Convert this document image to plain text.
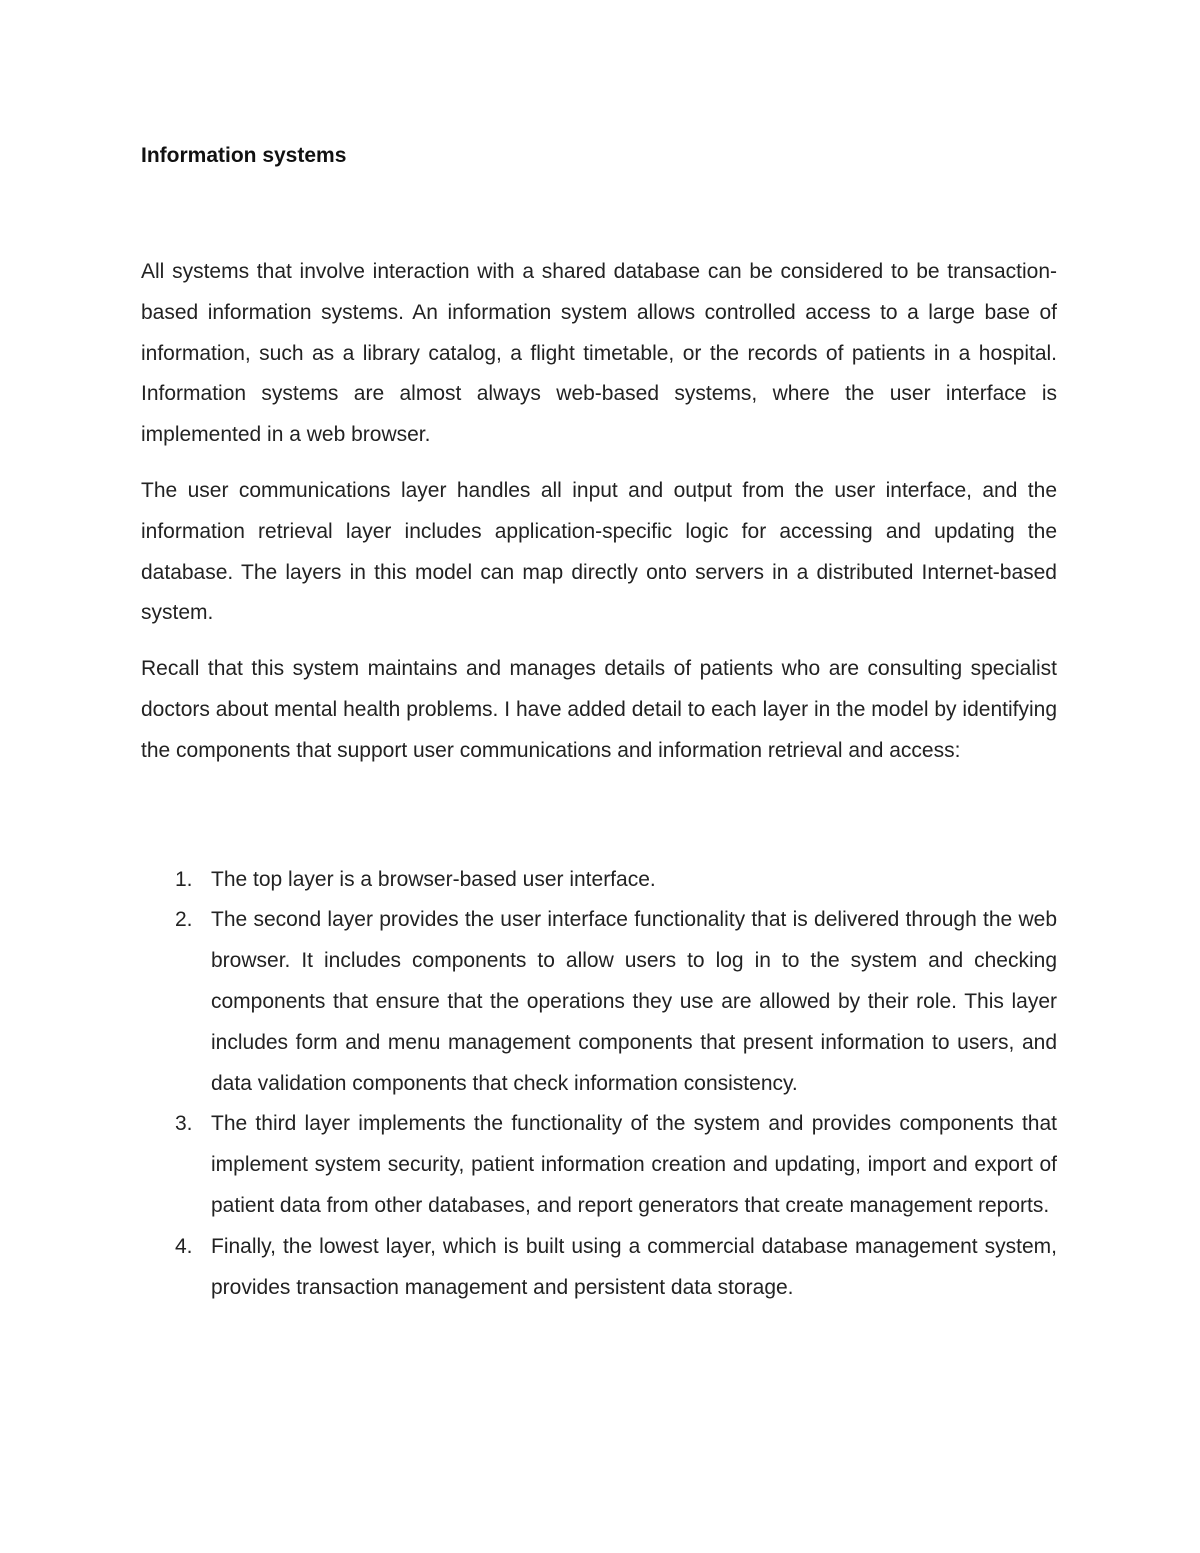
Information systems

All systems that involve interaction with a shared database can be considered to be transaction-based information systems. An information system allows controlled access to a large base of information, such as a library catalog, a flight timetable, or the records of patients in a hospital. Information systems are almost always web-based systems, where the user interface is implemented in a web browser.

The user communications layer handles all input and output from the user interface, and the information retrieval layer includes application-specific logic for accessing and updating the database. The layers in this model can map directly onto servers in a distributed Internet-based system.

Recall that this system maintains and manages details of patients who are consulting specialist doctors about mental health problems. I have added detail to each layer in the model by identifying the components that support user communications and information retrieval and access:

1. The top layer is a browser-based user interface.
2. The second layer provides the user interface functionality that is delivered through the web browser. It includes components to allow users to log in to the system and checking components that ensure that the operations they use are allowed by their role. This layer includes form and menu management components that present information to users, and data validation components that check information consistency.
3. The third layer implements the functionality of the system and provides components that implement system security, patient information creation and updating, import and export of patient data from other databases, and report generators that create management reports.
4. Finally, the lowest layer, which is built using a commercial database management system, provides transaction management and persistent data storage.
